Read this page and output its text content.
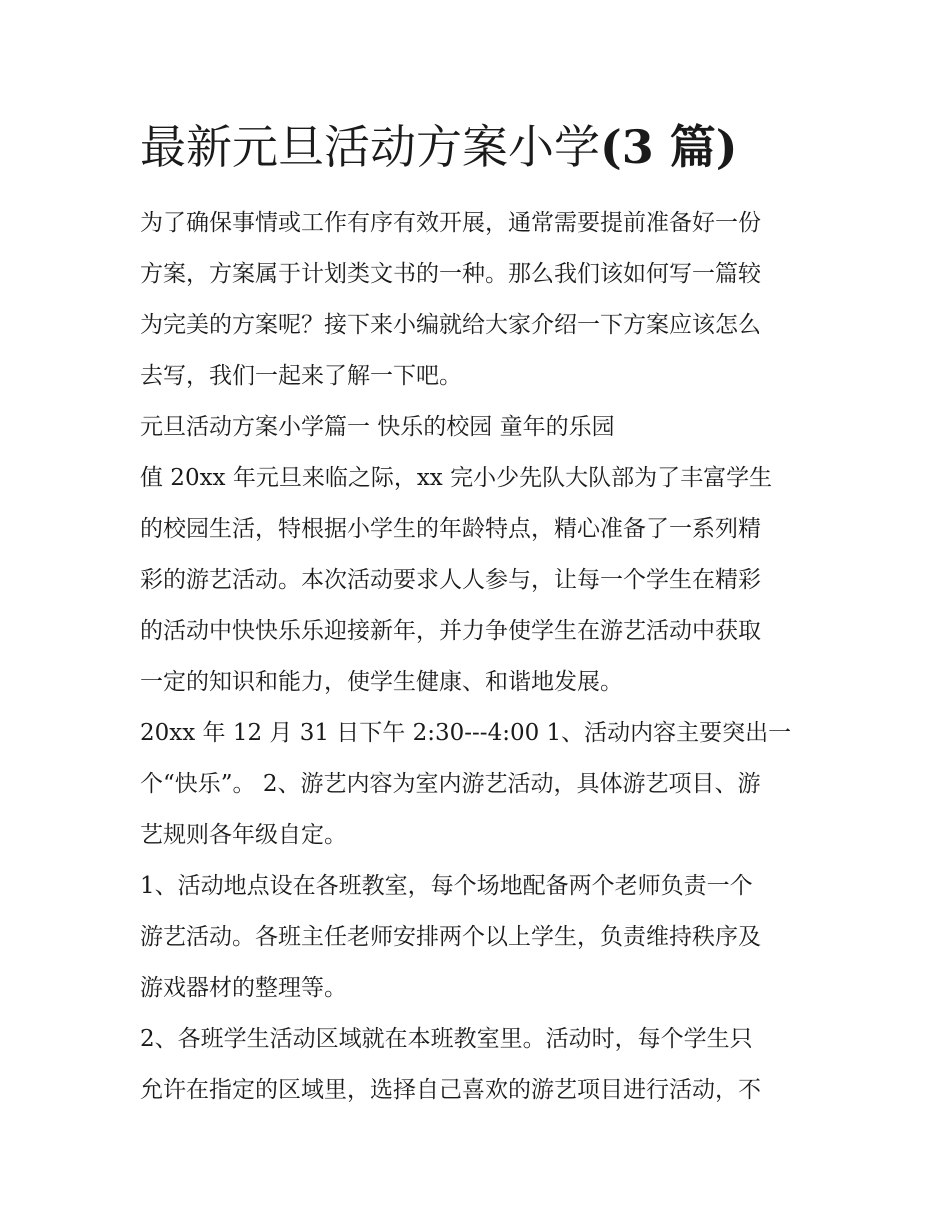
最新元旦活动方案小学(3 篇)

为了确保事情或工作有序有效开展，通常需要提前准备好一份
方案，方案属于计划类文书的一种。那么我们该如何写一篇较
为完美的方案呢？接下来小编就给大家介绍一下方案应该怎么
去写，我们一起来了解一下吧。

元旦活动方案小学篇一 快乐的校园 童年的乐园

值 20xx 年元旦来临之际，xx 完小少先队大队部为了丰富学生
的校园生活，特根据小学生的年龄特点，精心准备了一系列精
彩的游艺活动。本次活动要求人人参与，让每一个学生在精彩
的活动中快快乐乐迎接新年，并力争使学生在游艺活动中获取
一定的知识和能力，使学生健康、和谐地发展。

20xx 年 12 月 31 日下午 2:30---4:00 1、活动内容主要突出一
个“快乐”。 2、游艺内容为室内游艺活动，具体游艺项目、游
艺规则各年级自定。

1、活动地点设在各班教室，每个场地配备两个老师负责一个
游艺活动。各班主任老师安排两个以上学生，负责维持秩序及
游戏器材的整理等。

2、各班学生活动区域就在本班教室里。活动时，每个学生只
允许在指定的区域里，选择自己喜欢的游艺项目进行活动，不
